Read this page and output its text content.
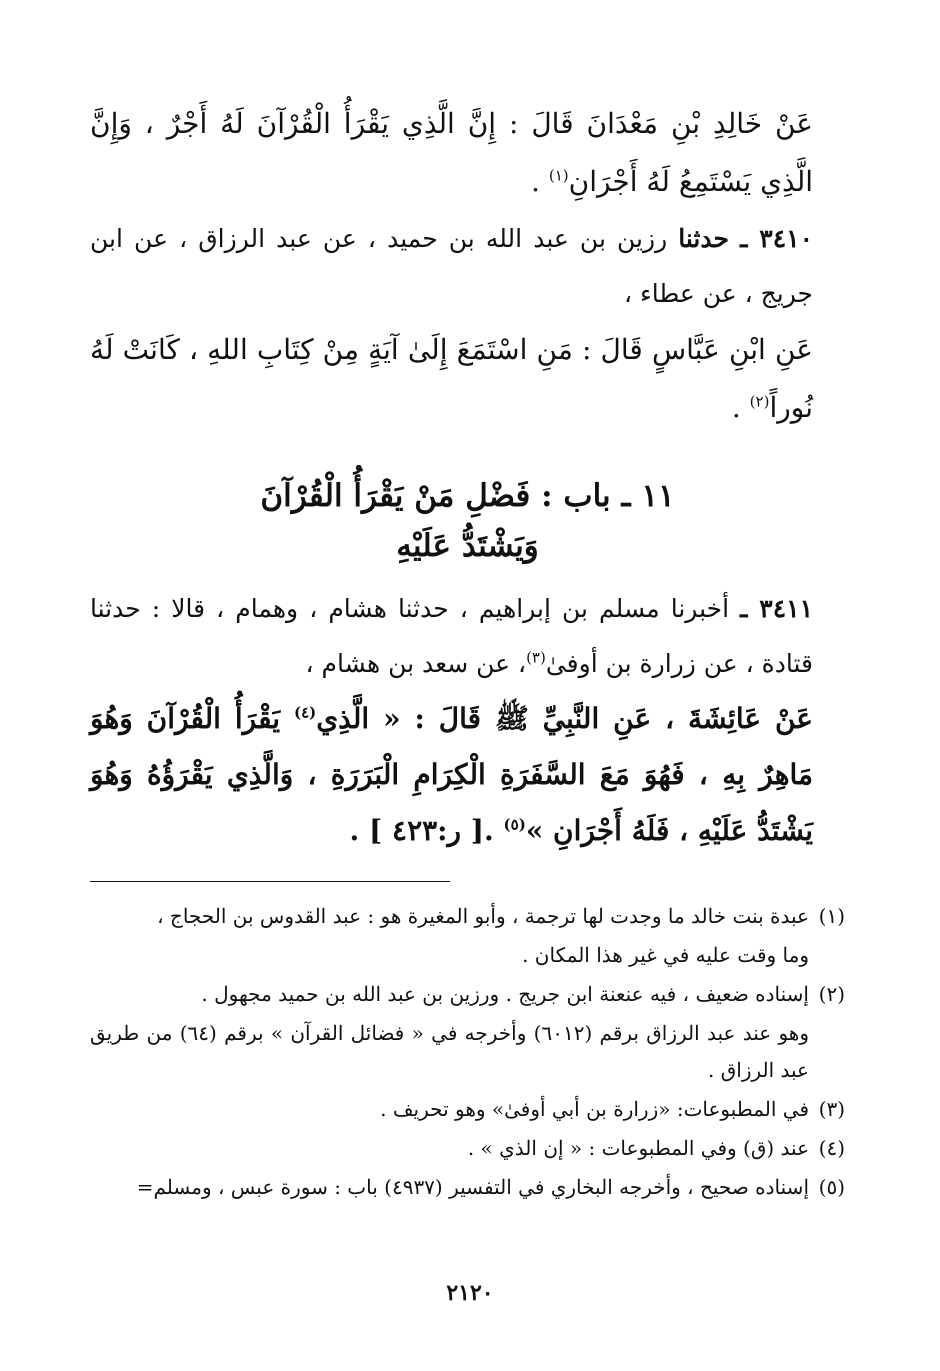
عَنْ خَالِدِ بْنِ مَعْدَانَ قَالَ : إِنَّ الَّذِي يَقْرَأُ الْقُرْآنَ لَهُ أَجْرٌ ، وَإِنَّ الَّذِي يَسْتَمِعُ لَهُ أَجْرَانِ$^{(١)}$ .

٣٤١٠ ـ حدثنا رزين بن عبد الله بن حميد ، عن عبد الرزاق ، عن ابن جريج ، عن عطاء ،

عَنِ ابْنِ عَبَّاسٍ قَالَ : مَنِ اسْتَمَعَ إِلَىٰ آيَةٍ مِنْ كِتَابِ اللهِ ، كَانَتْ لَهُ نُوراً$^{(٢)}$ .

١١ ـ باب : فَضْلِ مَنْ يَقْرَأُ الْقُرْآنَ
وَيَشْتَدُّ عَلَيْهِ

٣٤١١ ـ أخبرنا مسلم بن إبراهيم ، حدثنا هشام ، وهمام ، قالا : حدثنا قتادة ، عن زرارة بن أوفىٰ$^{(٣)}$، عن سعد بن هشام ،

عَنْ عَائِشَةَ ، عَنِ النَّبِيِّ ﷺ قَالَ : « الَّذِي$^{(٤)}$ يَقْرَأُ الْقُرْآنَ وَهُوَ مَاهِرٌ بِهِ ، فَهُوَ مَعَ السَّفَرَةِ الْكِرَامِ الْبَرَرَةِ ، وَالَّذِي يَقْرَؤُهُ وَهُوَ يَشْتَدُّ عَلَيْهِ ، فَلَهُ أَجْرَانِ »$^{(٥)}$ .[ ر:٤٢٣ ] .

(١)
عبدة بنت خالد ما وجدت لها ترجمة ، وأبو المغيرة هو : عبد القدوس بن الحجاج ،
وما وقت عليه في غير هذا المكان .
(٢)
إسناده ضعيف ، فيه عنعنة ابن جريج . ورزين بن عبد الله بن حميد مجهول .
وهو عند عبد الرزاق برقم (٦٠١٢) وأخرجه في « فضائل القرآن » برقم (٦٤) من طريق عبد الرزاق .
(٣)
في المطبوعات: «زرارة بن أبي أوفىٰ» وهو تحريف .
(٤)
عند (ق) وفي المطبوعات : « إن الذي » .
(٥)
إسناده صحيح ، وأخرجه البخاري في التفسير (٤٩٣٧) باب : سورة عبس ، ومسلم=
٢١٢٠
